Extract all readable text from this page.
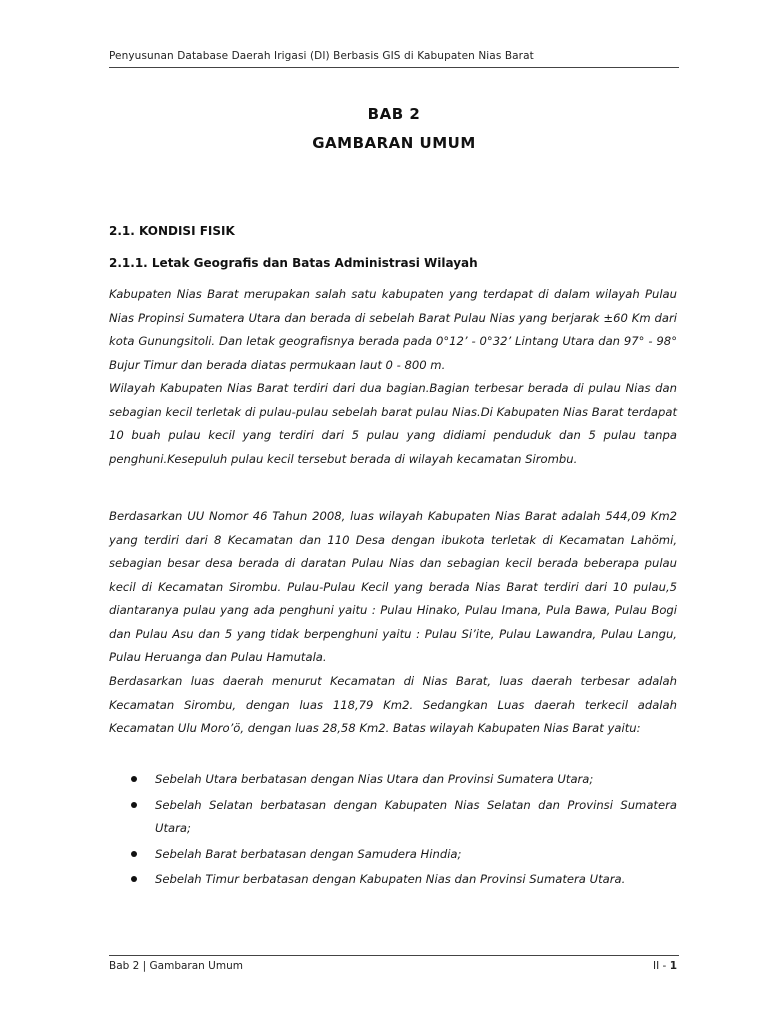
Penyusunan Database Daerah Irigasi (DI) Berbasis GIS di Kabupaten Nias Barat
BAB 2
GAMBARAN UMUM
2.1. KONDISI FISIK
2.1.1. Letak Geografis dan Batas Administrasi Wilayah

Kabupaten Nias Barat merupakan salah satu kabupaten yang terdapat di dalam wilayah Pulau Nias Propinsi Sumatera Utara dan berada di sebelah Barat Pulau Nias yang berjarak ±60 Km dari kota Gunungsitoli. Dan letak geografisnya berada pada 0°12’ - 0°32’ Lintang Utara dan 97° - 98° Bujur Timur dan berada diatas permukaan laut 0 - 800 m.

Wilayah Kabupaten Nias Barat terdiri dari dua bagian.Bagian terbesar berada di pulau Nias dan sebagian kecil terletak di pulau-pulau sebelah barat pulau Nias.Di Kabupaten Nias Barat terdapat 10 buah pulau kecil yang terdiri dari 5 pulau yang didiami penduduk dan 5 pulau tanpa penghuni.Kesepuluh pulau kecil tersebut berada di wilayah kecamatan Sirombu.

Berdasarkan UU Nomor 46 Tahun 2008, luas wilayah Kabupaten Nias Barat adalah 544,09 Km2 yang terdiri dari 8 Kecamatan dan 110 Desa dengan ibukota terletak di Kecamatan Lahömi, sebagian besar desa berada di daratan Pulau Nias dan sebagian kecil berada beberapa pulau kecil di Kecamatan Sirombu. Pulau-Pulau Kecil yang berada Nias Barat terdiri dari 10 pulau,5 diantaranya pulau yang ada penghuni yaitu : Pulau Hinako, Pulau Imana, Pula Bawa, Pulau Bogi dan Pulau Asu dan 5 yang tidak berpenghuni yaitu : Pulau Si’ite, Pulau Lawandra, Pulau Langu, Pulau Heruanga dan Pulau Hamutala.

Berdasarkan luas daerah menurut Kecamatan di Nias Barat, luas daerah terbesar adalah Kecamatan Sirombu, dengan luas 118,79 Km2. Sedangkan Luas daerah terkecil adalah Kecamatan Ulu Moro’ö, dengan luas 28,58 Km2. Batas wilayah Kabupaten Nias Barat yaitu:

Sebelah Utara berbatasan dengan Nias Utara dan Provinsi Sumatera Utara;
Sebelah Selatan berbatasan dengan Kabupaten Nias Selatan dan Provinsi Sumatera Utara;
Sebelah Barat berbatasan dengan Samudera Hindia;
Sebelah Timur berbatasan dengan Kabupaten Nias dan Provinsi Sumatera Utara.
Bab 2 | Gambaran Umum	II - 1
